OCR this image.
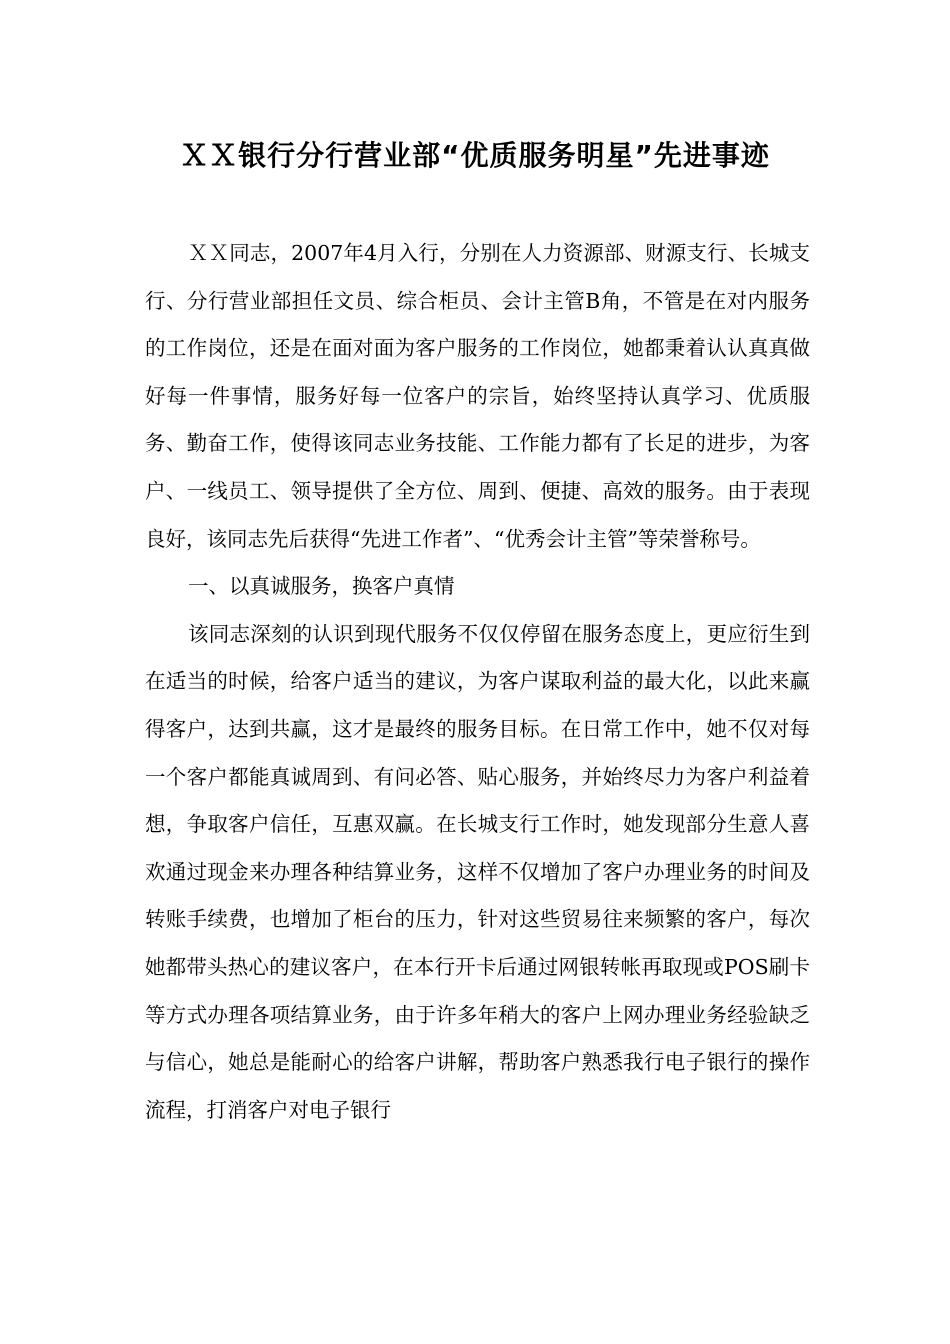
ＸＸ银行分行营业部“优质服务明星”先进事迹

ＸＸ同志，2007年4月入行，分别在人力资源部、财源支行、长城支行、分行营业部担任文员、综合柜员、会计主管B角，不管是在对内服务的工作岗位，还是在面对面为客户服务的工作岗位，她都秉着认认真真做好每一件事情，服务好每一位客户的宗旨，始终坚持认真学习、优质服务、勤奋工作，使得该同志业务技能、工作能力都有了长足的进步，为客户、一线员工、领导提供了全方位、周到、便捷、高效的服务。由于表现良好，该同志先后获得“先进工作者”、“优秀会计主管”等荣誉称号。

一、以真诚服务，换客户真情

该同志深刻的认识到现代服务不仅仅停留在服务态度上，更应衍生到在适当的时候，给客户适当的建议，为客户谋取利益的最大化，以此来赢得客户，达到共赢，这才是最终的服务目标。在日常工作中，她不仅对每一个客户都能真诚周到、有问必答、贴心服务，并始终尽力为客户利益着想，争取客户信任，互惠双赢。在长城支行工作时，她发现部分生意人喜欢通过现金来办理各种结算业务，这样不仅增加了客户办理业务的时间及转账手续费，也增加了柜台的压力，针对这些贸易往来频繁的客户，每次她都带头热心的建议客户，在本行开卡后通过网银转帐再取现或POS刷卡等方式办理各项结算业务，由于许多年稍大的客户上网办理业务经验缺乏与信心，她总是能耐心的给客户讲解，帮助客户熟悉我行电子银行的操作流程，打消客户对电子银行
